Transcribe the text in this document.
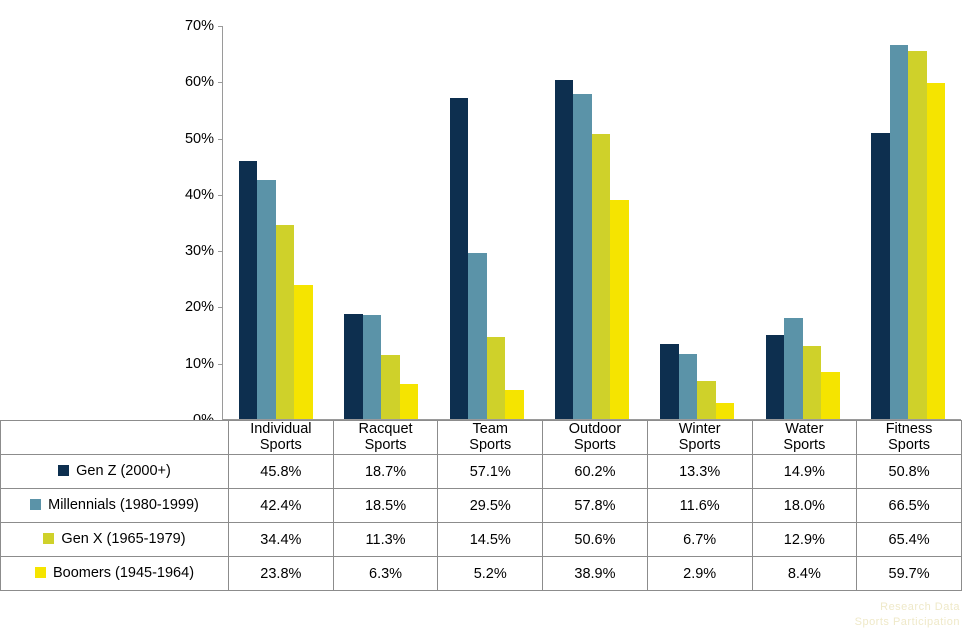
10%
20%
30%
40%
50%
60%
70%

Individual
Sports

Racquet
Sports

Team
Sports

Outdoor
Sports

Winter
Sports

Water
Sports

Fitness
Sports

Gen Z (2000+)	45.8%	18.7%	57.1%	60.2%	13.3%	14.9%	50.8%
Millennials (1980-1999)	42.4%	18.5%	29.5%	57.8%	11.6%	18.0%	66.5%
Gen X (1965-1979)	34.4%	11.3%	14.5%	50.6%	6.7%	12.9%	65.4%
Boomers (1945-1964)	23.8%	6.3%	5.2%	38.9%	2.9%	8.4%	59.7%
Research Data
Sports Participation
